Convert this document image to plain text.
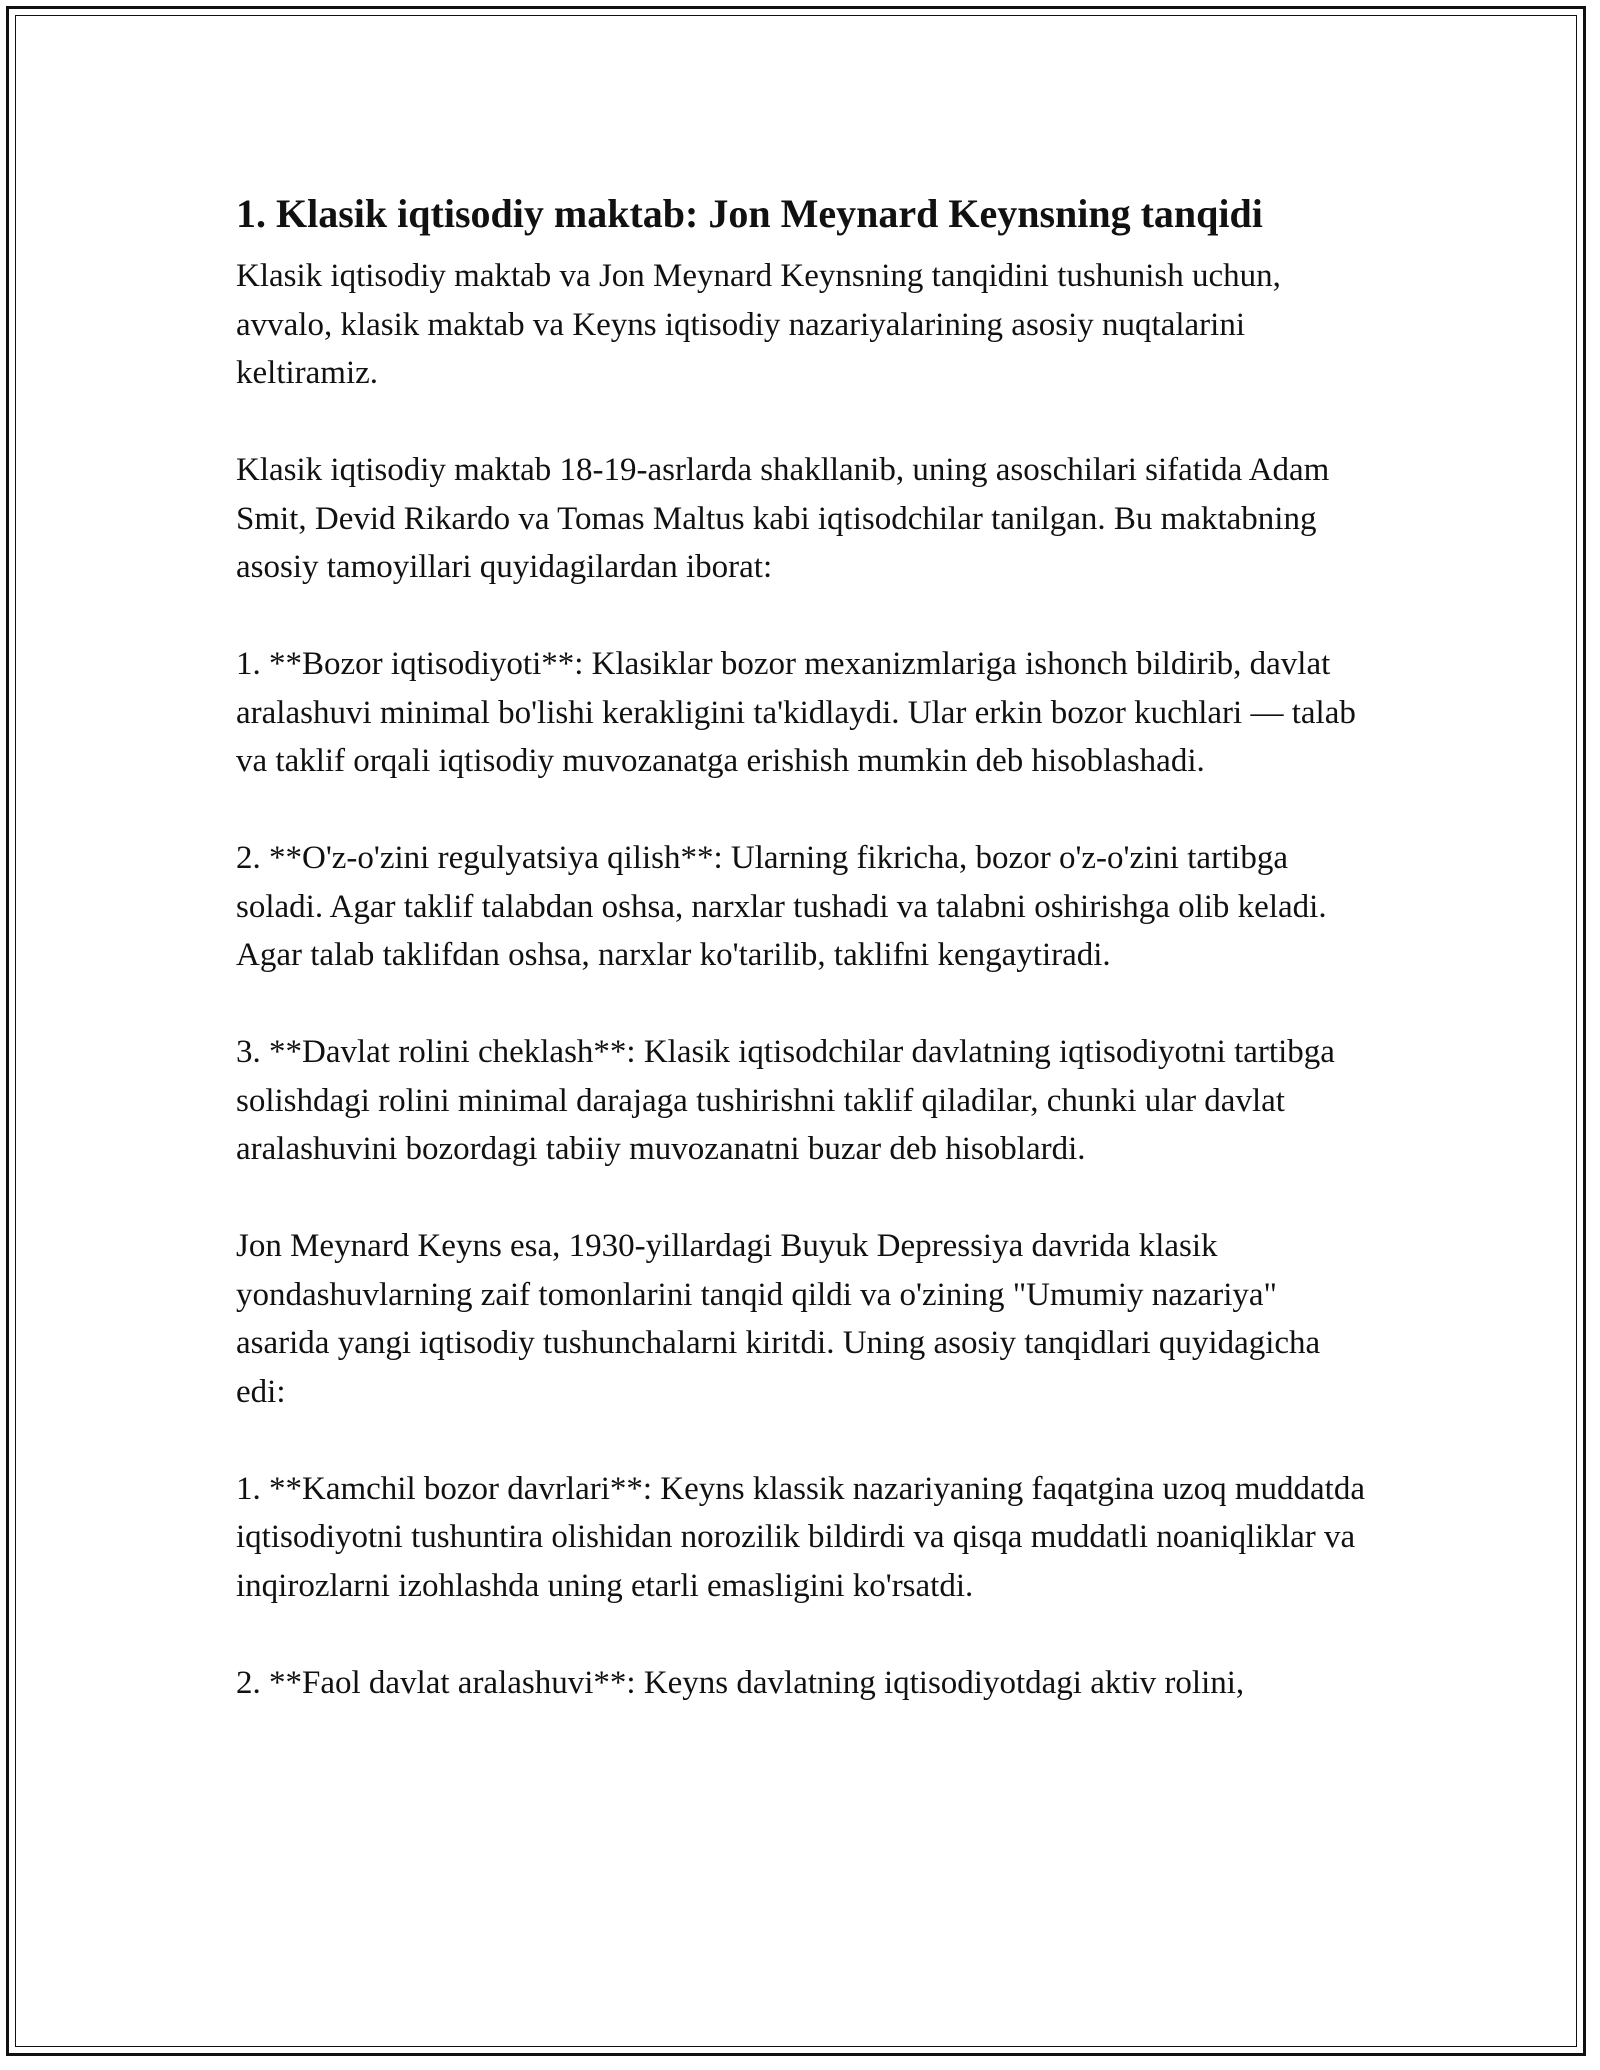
1. Klasik iqtisodiy maktab: Jon Meynard Keynsning tanqidi

Klasik iqtisodiy maktab va Jon Meynard Keynsning tanqidini tushunish uchun, avvalo, klasik maktab va Keyns iqtisodiy nazariyalarining asosiy nuqtalarini keltiramiz.

Klasik iqtisodiy maktab 18-19-asrlarda shakllanib, uning asoschilari sifatida Adam Smit, Devid Rikardo va Tomas Maltus kabi iqtisodchilar tanilgan. Bu maktabning asosiy tamoyillari quyidagilardan iborat:

1. **Bozor iqtisodiyoti**: Klasiklar bozor mexanizmlariga ishonch bildirib, davlat aralashuvi minimal bo'lishi kerakligini ta'kidlaydi. Ular erkin bozor kuchlari — talab va taklif orqali iqtisodiy muvozanatga erishish mumkin deb hisoblashadi.

2. **O'z-o'zini regulyatsiya qilish**: Ularning fikricha, bozor o'z-o'zini tartibga soladi. Agar taklif talabdan oshsa, narxlar tushadi va talabni oshirishga olib keladi. Agar talab taklifdan oshsa, narxlar ko'tarilib, taklifni kengaytiradi.

3. **Davlat rolini cheklash**: Klasik iqtisodchilar davlatning iqtisodiyotni tartibga solishdagi rolini minimal darajaga tushirishni taklif qiladilar, chunki ular davlat aralashuvini bozordagi tabiiy muvozanatni buzar deb hisoblardi.

Jon Meynard Keyns esa, 1930-yillardagi Buyuk Depressiya davrida klasik yondashuvlarning zaif tomonlarini tanqid qildi va o'zining "Umumiy nazariya" asarida yangi iqtisodiy tushunchalarni kiritdi. Uning asosiy tanqidlari quyidagicha edi:

1. **Kamchil bozor davrlari**: Keyns klassik nazariyaning faqatgina uzoq muddatda iqtisodiyotni tushuntira olishidan norozilik bildirdi va qisqa muddatli noaniqliklar va inqirozlarni izohlashda uning etarli emasligini ko'rsatdi.

2. **Faol davlat aralashuvi**: Keyns davlatning iqtisodiyotdagi aktiv rolini,
